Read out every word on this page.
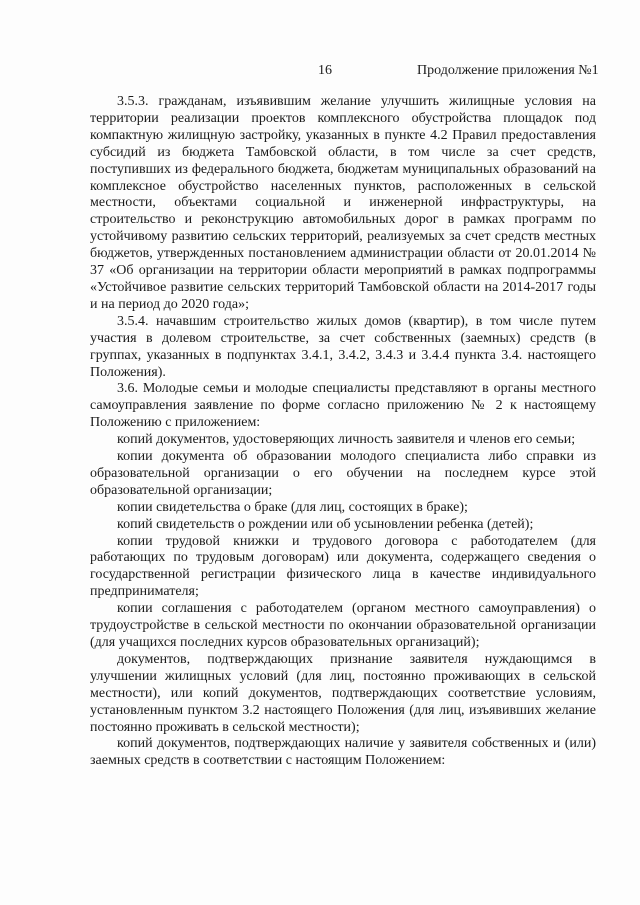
16	Продолжение приложения №1

3.5.3. гражданам, изъявившим желание улучшить жилищные условия на территории реализации проектов комплексного обустройства площадок под компактную жилищную застройку, указанных в пункте 4.2 Правил предоставления субсидий из бюджета Тамбовской области, в том числе за счет средств, поступивших из федерального бюджета, бюджетам муниципальных образований на комплексное обустройство населенных пунктов, расположенных в сельской местности, объектами социальной и инженерной инфраструктуры, на строительство и реконструкцию автомобильных дорог в рамках программ по устойчивому развитию сельских территорий, реализуемых за счет средств местных бюджетов, утвержденных постановлением администрации области от 20.01.2014 № 37 «Об организации на территории области мероприятий в рамках подпрограммы «Устойчивое развитие сельских территорий Тамбовской области на 2014-2017 годы и на период до 2020 года»;

3.5.4. начавшим строительство жилых домов (квартир), в том числе путем участия в долевом строительстве, за счет собственных (заемных) средств (в группах, указанных в подпунктах 3.4.1, 3.4.2, 3.4.3 и 3.4.4 пункта 3.4. настоящего Положения).

3.6. Молодые семьи и молодые специалисты представляют в органы местного самоуправления заявление по форме согласно приложению № 2 к настоящему Положению с приложением:

копий документов, удостоверяющих личность заявителя и членов его семьи;

копии документа об образовании молодого специалиста либо справки из образовательной организации о его обучении на последнем курсе этой образовательной организации;

копии свидетельства о браке (для лиц, состоящих в браке);

копий свидетельств о рождении или об усыновлении ребенка (детей);

копии трудовой книжки и трудового договора с работодателем (для работающих по трудовым договорам) или документа, содержащего сведения о государственной регистрации физического лица в качестве индивидуального предпринимателя;

копии соглашения с работодателем (органом местного самоуправления) о трудоустройстве в сельской местности по окончании образовательной организации (для учащихся последних курсов образовательных организаций);

документов, подтверждающих признание заявителя нуждающимся в улучшении жилищных условий (для лиц, постоянно проживающих в сельской местности), или копий документов, подтверждающих соответствие условиям, установленным пунктом 3.2 настоящего Положения (для лиц, изъявивших желание постоянно проживать в сельской местности);

копий документов, подтверждающих наличие у заявителя собственных и (или) заемных средств в соответствии с настоящим Положением:
